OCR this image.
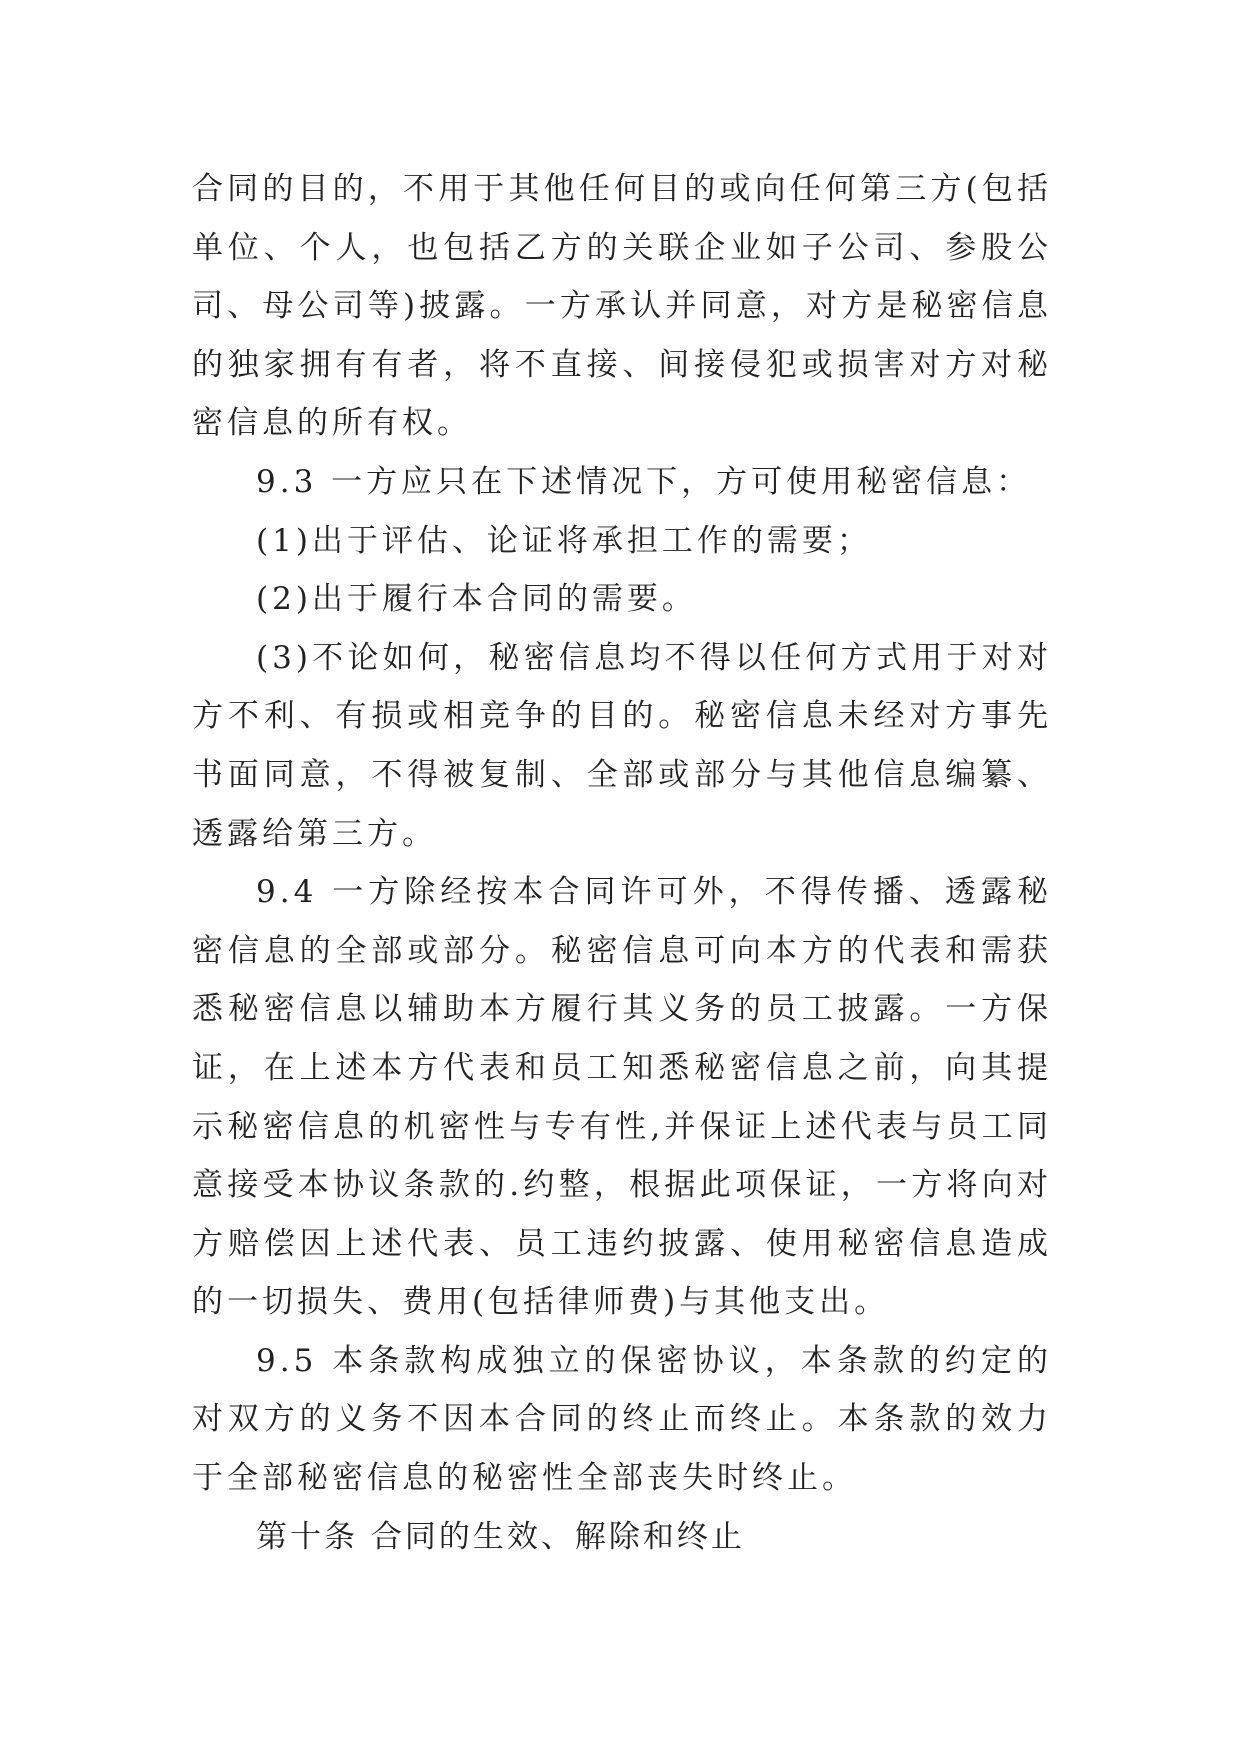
合同的目的，不用于其他任何目的或向任何第三方(包括单位、个人，也包括乙方的关联企业如子公司、参股公司、母公司等)披露。一方承认并同意，对方是秘密信息的独家拥有有者，将不直接、间接侵犯或损害对方对秘密信息的所有权。

9.3 一方应只在下述情况下，方可使用秘密信息：

(1)出于评估、论证将承担工作的需要；

(2)出于履行本合同的需要。

(3)不论如何，秘密信息均不得以任何方式用于对对方不利、有损或相竞争的目的。秘密信息未经对方事先书面同意，不得被复制、全部或部分与其他信息编纂、透露给第三方。

9.4 一方除经按本合同许可外，不得传播、透露秘密信息的全部或部分。秘密信息可向本方的代表和需获悉秘密信息以辅助本方履行其义务的员工披露。一方保证，在上述本方代表和员工知悉秘密信息之前，向其提示秘密信息的机密性与专有性,并保证上述代表与员工同意接受本协议条款的.约整，根据此项保证，一方将向对方赔偿因上述代表、员工违约披露、使用秘密信息造成的一切损失、费用(包括律师费)与其他支出。

9.5 本条款构成独立的保密协议，本条款的约定的对双方的义务不因本合同的终止而终止。本条款的效力于全部秘密信息的秘密性全部丧失时终止。

第十条 合同的生效、解除和终止
